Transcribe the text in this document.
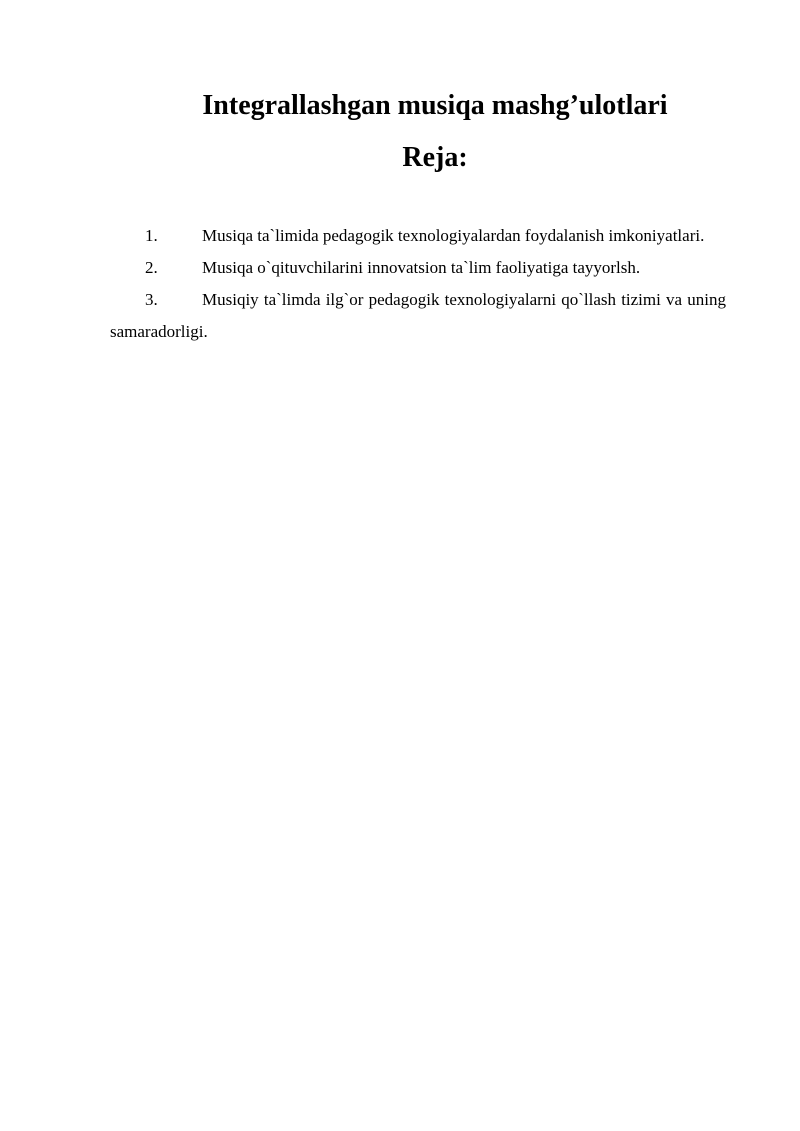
Integrallashgan musiqa mashg’ulotlari
Reja:
1.	Musiqa ta`limida pedagogik texnologiyalardan foydalanish imkoniyatlari.
2.	Musiqa o`qituvchilarini innovatsion ta`lim faoliyatiga tayyorlsh.
3.	Musiqiy ta`limda ilg`or pedagogik texnologiyalarni qo`llash tizimi va uning samaradorligi.
